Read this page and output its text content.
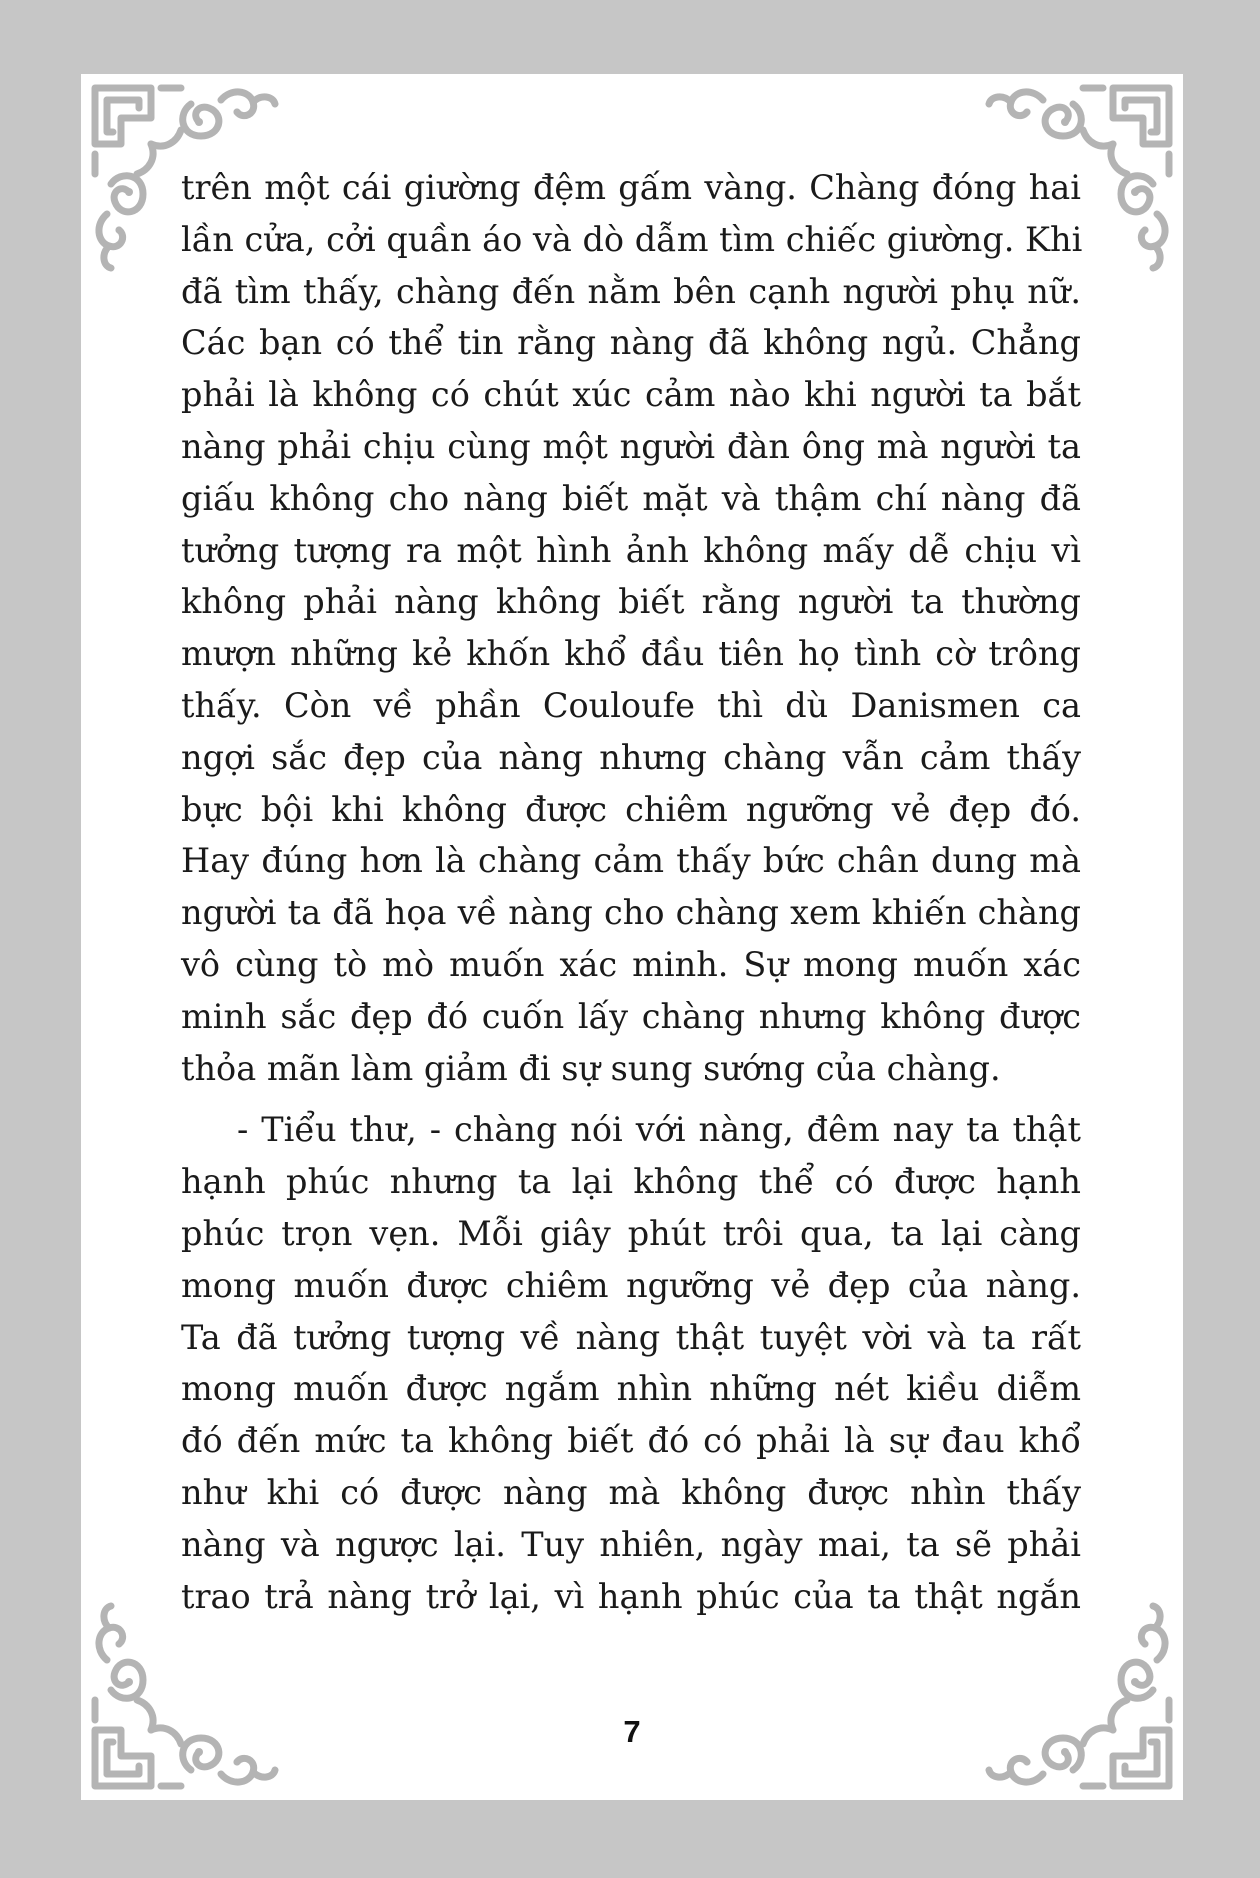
trên một cái giường đệm gấm vàng. Chàng đóng hai
lần cửa, cởi quần áo và dò dẫm tìm chiếc giường. Khi
đã tìm thấy, chàng đến nằm bên cạnh người phụ nữ.
Các bạn có thể tin rằng nàng đã không ngủ. Chẳng
phải là không có chút xúc cảm nào khi người ta bắt
nàng phải chịu cùng một người đàn ông mà người ta
giấu không cho nàng biết mặt và thậm chí nàng đã
tưởng tượng ra một hình ảnh không mấy dễ chịu vì
không phải nàng không biết rằng người ta thường
mượn những kẻ khốn khổ đầu tiên họ tình cờ trông
thấy. Còn về phần Couloufe thì dù Danismen ca
ngợi sắc đẹp của nàng nhưng chàng vẫn cảm thấy
bực bội khi không được chiêm ngưỡng vẻ đẹp đó.
Hay đúng hơn là chàng cảm thấy bức chân dung mà
người ta đã họa về nàng cho chàng xem khiến chàng
vô cùng tò mò muốn xác minh. Sự mong muốn xác
minh sắc đẹp đó cuốn lấy chàng nhưng không được
thỏa mãn làm giảm đi sự sung sướng của chàng.
- Tiểu thư, - chàng nói với nàng, đêm nay ta thật
hạnh phúc nhưng ta lại không thể có được hạnh
phúc trọn vẹn. Mỗi giây phút trôi qua, ta lại càng
mong muốn được chiêm ngưỡng vẻ đẹp của nàng.
Ta đã tưởng tượng về nàng thật tuyệt vời và ta rất
mong muốn được ngắm nhìn những nét kiều diễm
đó đến mức ta không biết đó có phải là sự đau khổ
như khi có được nàng mà không được nhìn thấy
nàng và ngược lại. Tuy nhiên, ngày mai, ta sẽ phải
trao trả nàng trở lại, vì hạnh phúc của ta thật ngắn
7
